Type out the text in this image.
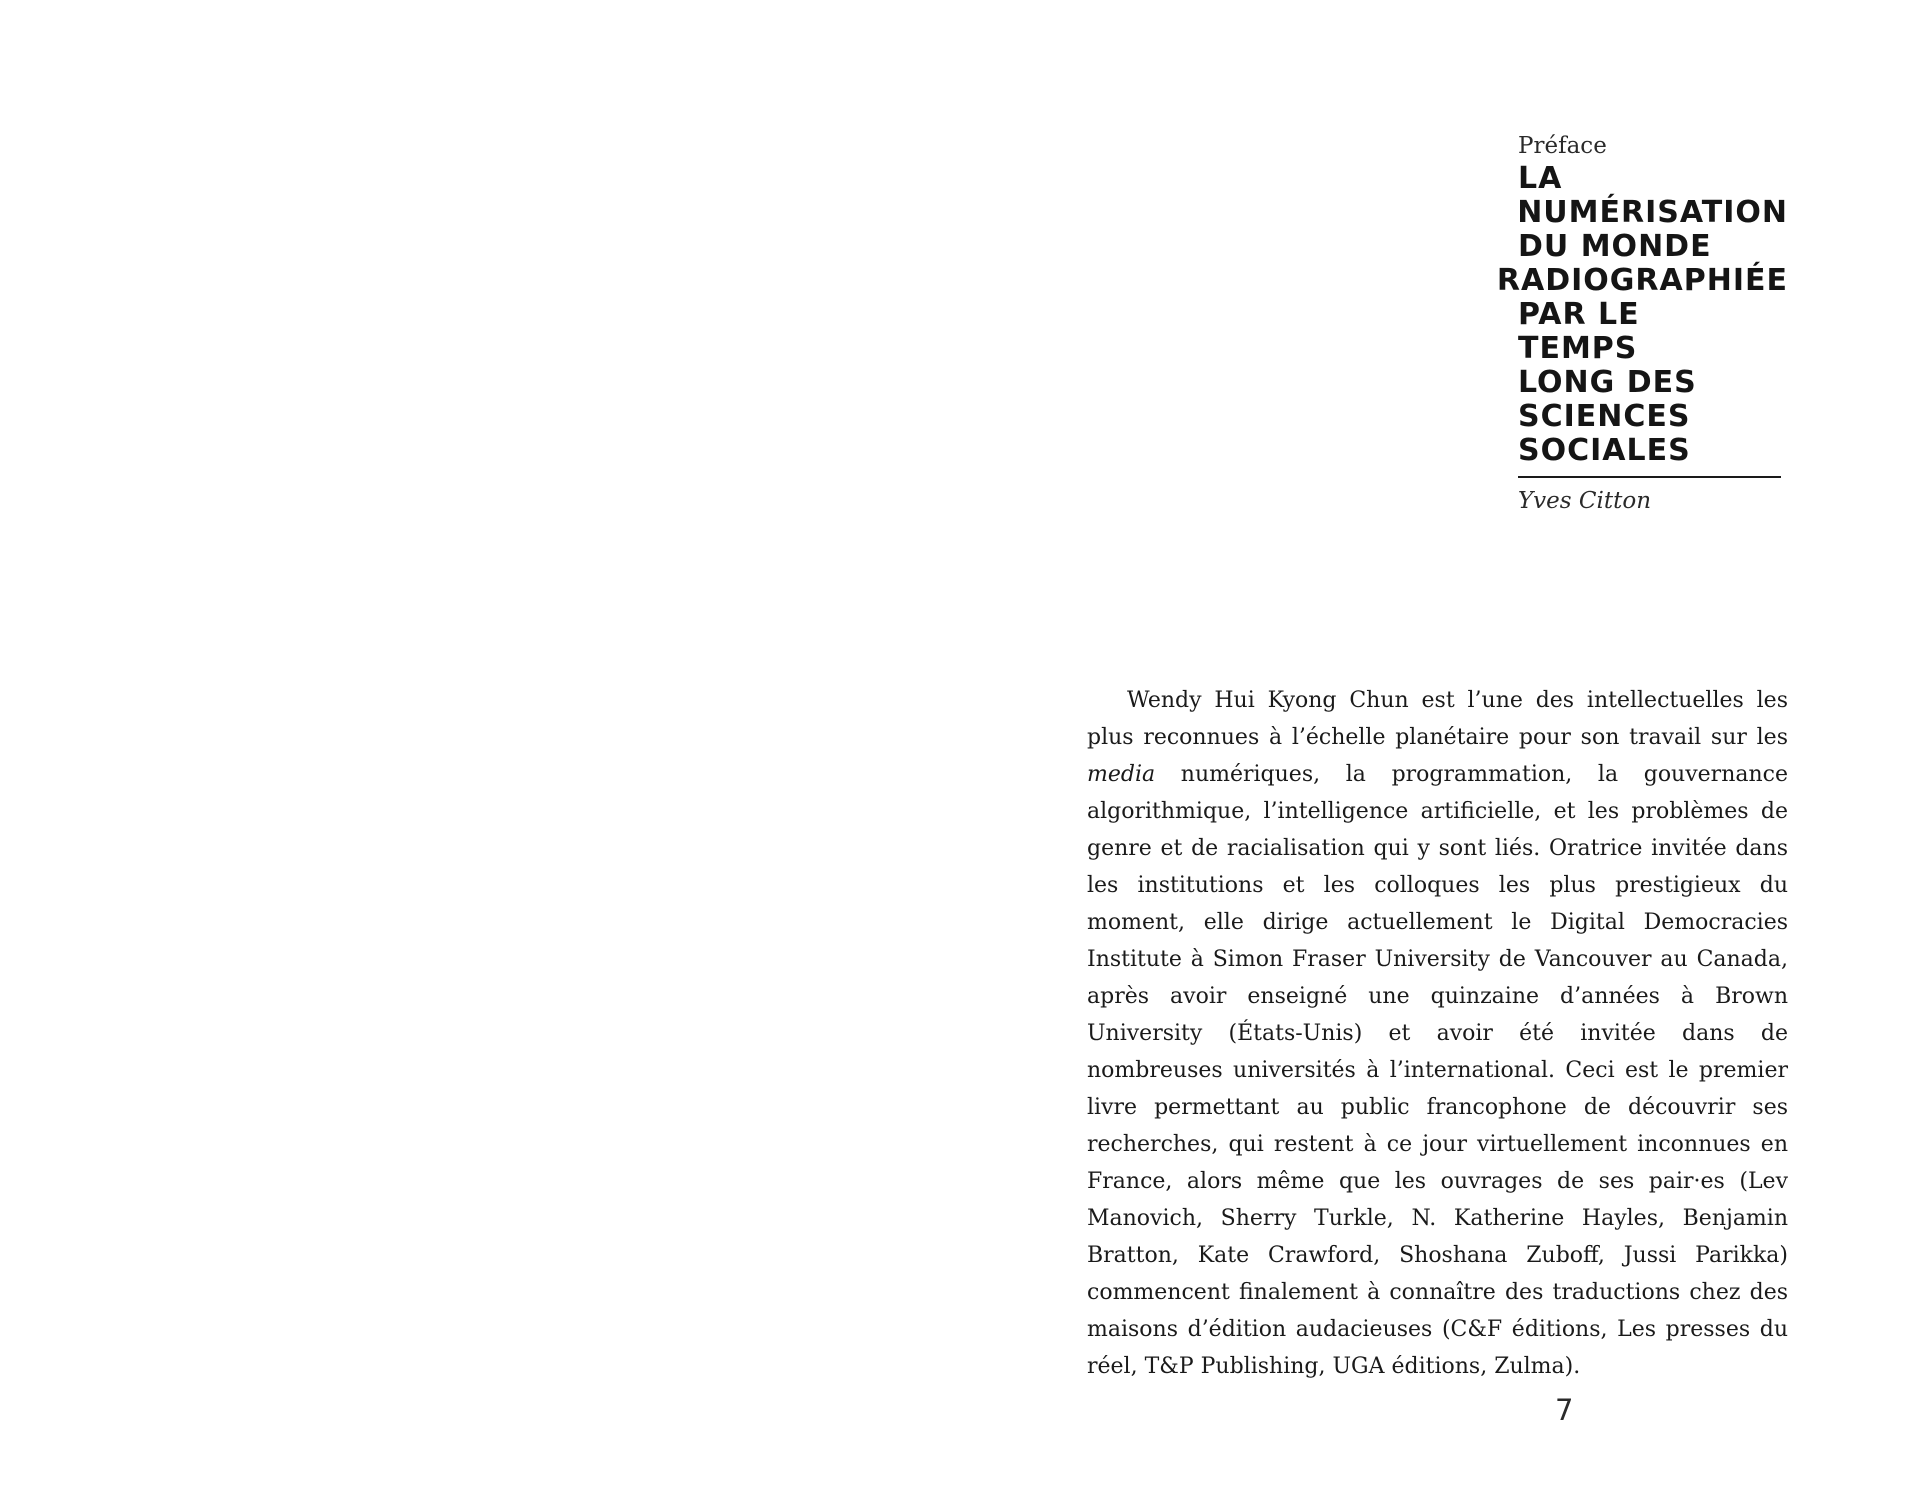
Préface
LA
NUMÉRISATION
DU MONDE
RADIOGRAPHIÉE
PAR LE
TEMPS
LONG DES
SCIENCES
SOCIALES
Yves Citton

Wendy Hui Kyong Chun est l’une des intellectuelles les plus reconnues à l’échelle planétaire pour son travail sur les media numériques, la programmation, la gouvernance algorithmique, l’intelligence artificielle, et les problèmes de genre et de racialisation qui y sont liés. Oratrice invitée dans les institutions et les colloques les plus prestigieux du moment, elle dirige actuellement le Digital Democracies Institute à Simon Fraser University de Vancouver au Canada, après avoir enseigné une quinzaine d’années à Brown University (États-Unis) et avoir été invitée dans de nombreuses universités à l’international. Ceci est le premier livre permettant au public francophone de découvrir ses recherches, qui restent à ce jour virtuellement inconnues en France, alors même que les ouvrages de ses pair·es (Lev Manovich, Sherry Turkle, N. Katherine Hayles, Benjamin Bratton, Kate Crawford, Shoshana Zuboff, Jussi Parikka) commencent finalement à connaître des traductions chez des maisons d’édition audacieuses (C&F éditions, Les presses du réel, T&P Publishing, UGA éditions, Zulma).

7
